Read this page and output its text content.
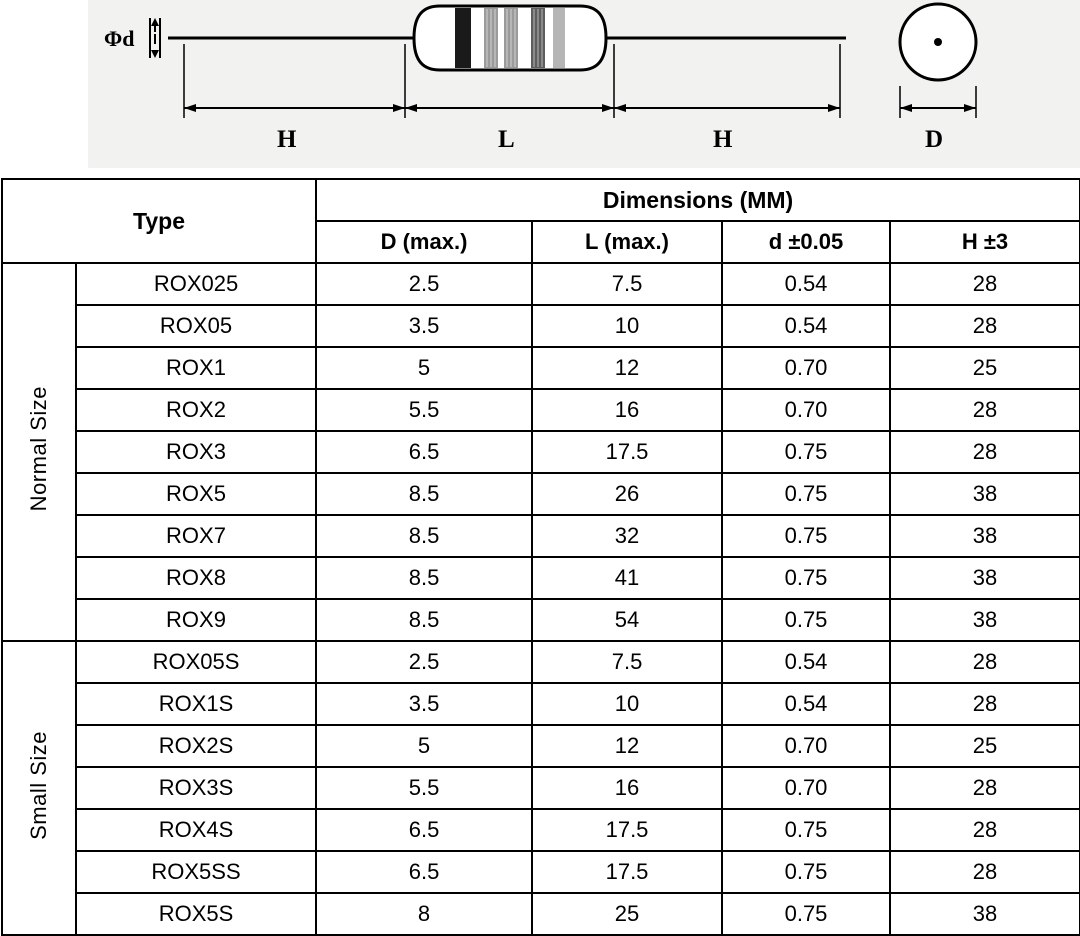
Φd
H	L	H	D
Type		Dimensions (MM)			
		D (max.)	L (max.)	d ±0.05	H ±3
Normal Size	ROX025	2.5	7.5	0.54	28
	ROX05	3.5	10	0.54	28
	ROX1	5	12	0.70	25
	ROX2	5.5	16	0.70	28
	ROX3	6.5	17.5	0.75	28
	ROX5	8.5	26	0.75	38
	ROX7	8.5	32	0.75	38
	ROX8	8.5	41	0.75	38
	ROX9	8.5	54	0.75	38
Small Size	ROX05S	2.5	7.5	0.54	28
	ROX1S	3.5	10	0.54	28
	ROX2S	5	12	0.70	25
	ROX3S	5.5	16	0.70	28
	ROX4S	6.5	17.5	0.75	28
	ROX5SS	6.5	17.5	0.75	28
	ROX5S	8	25	0.75	38
